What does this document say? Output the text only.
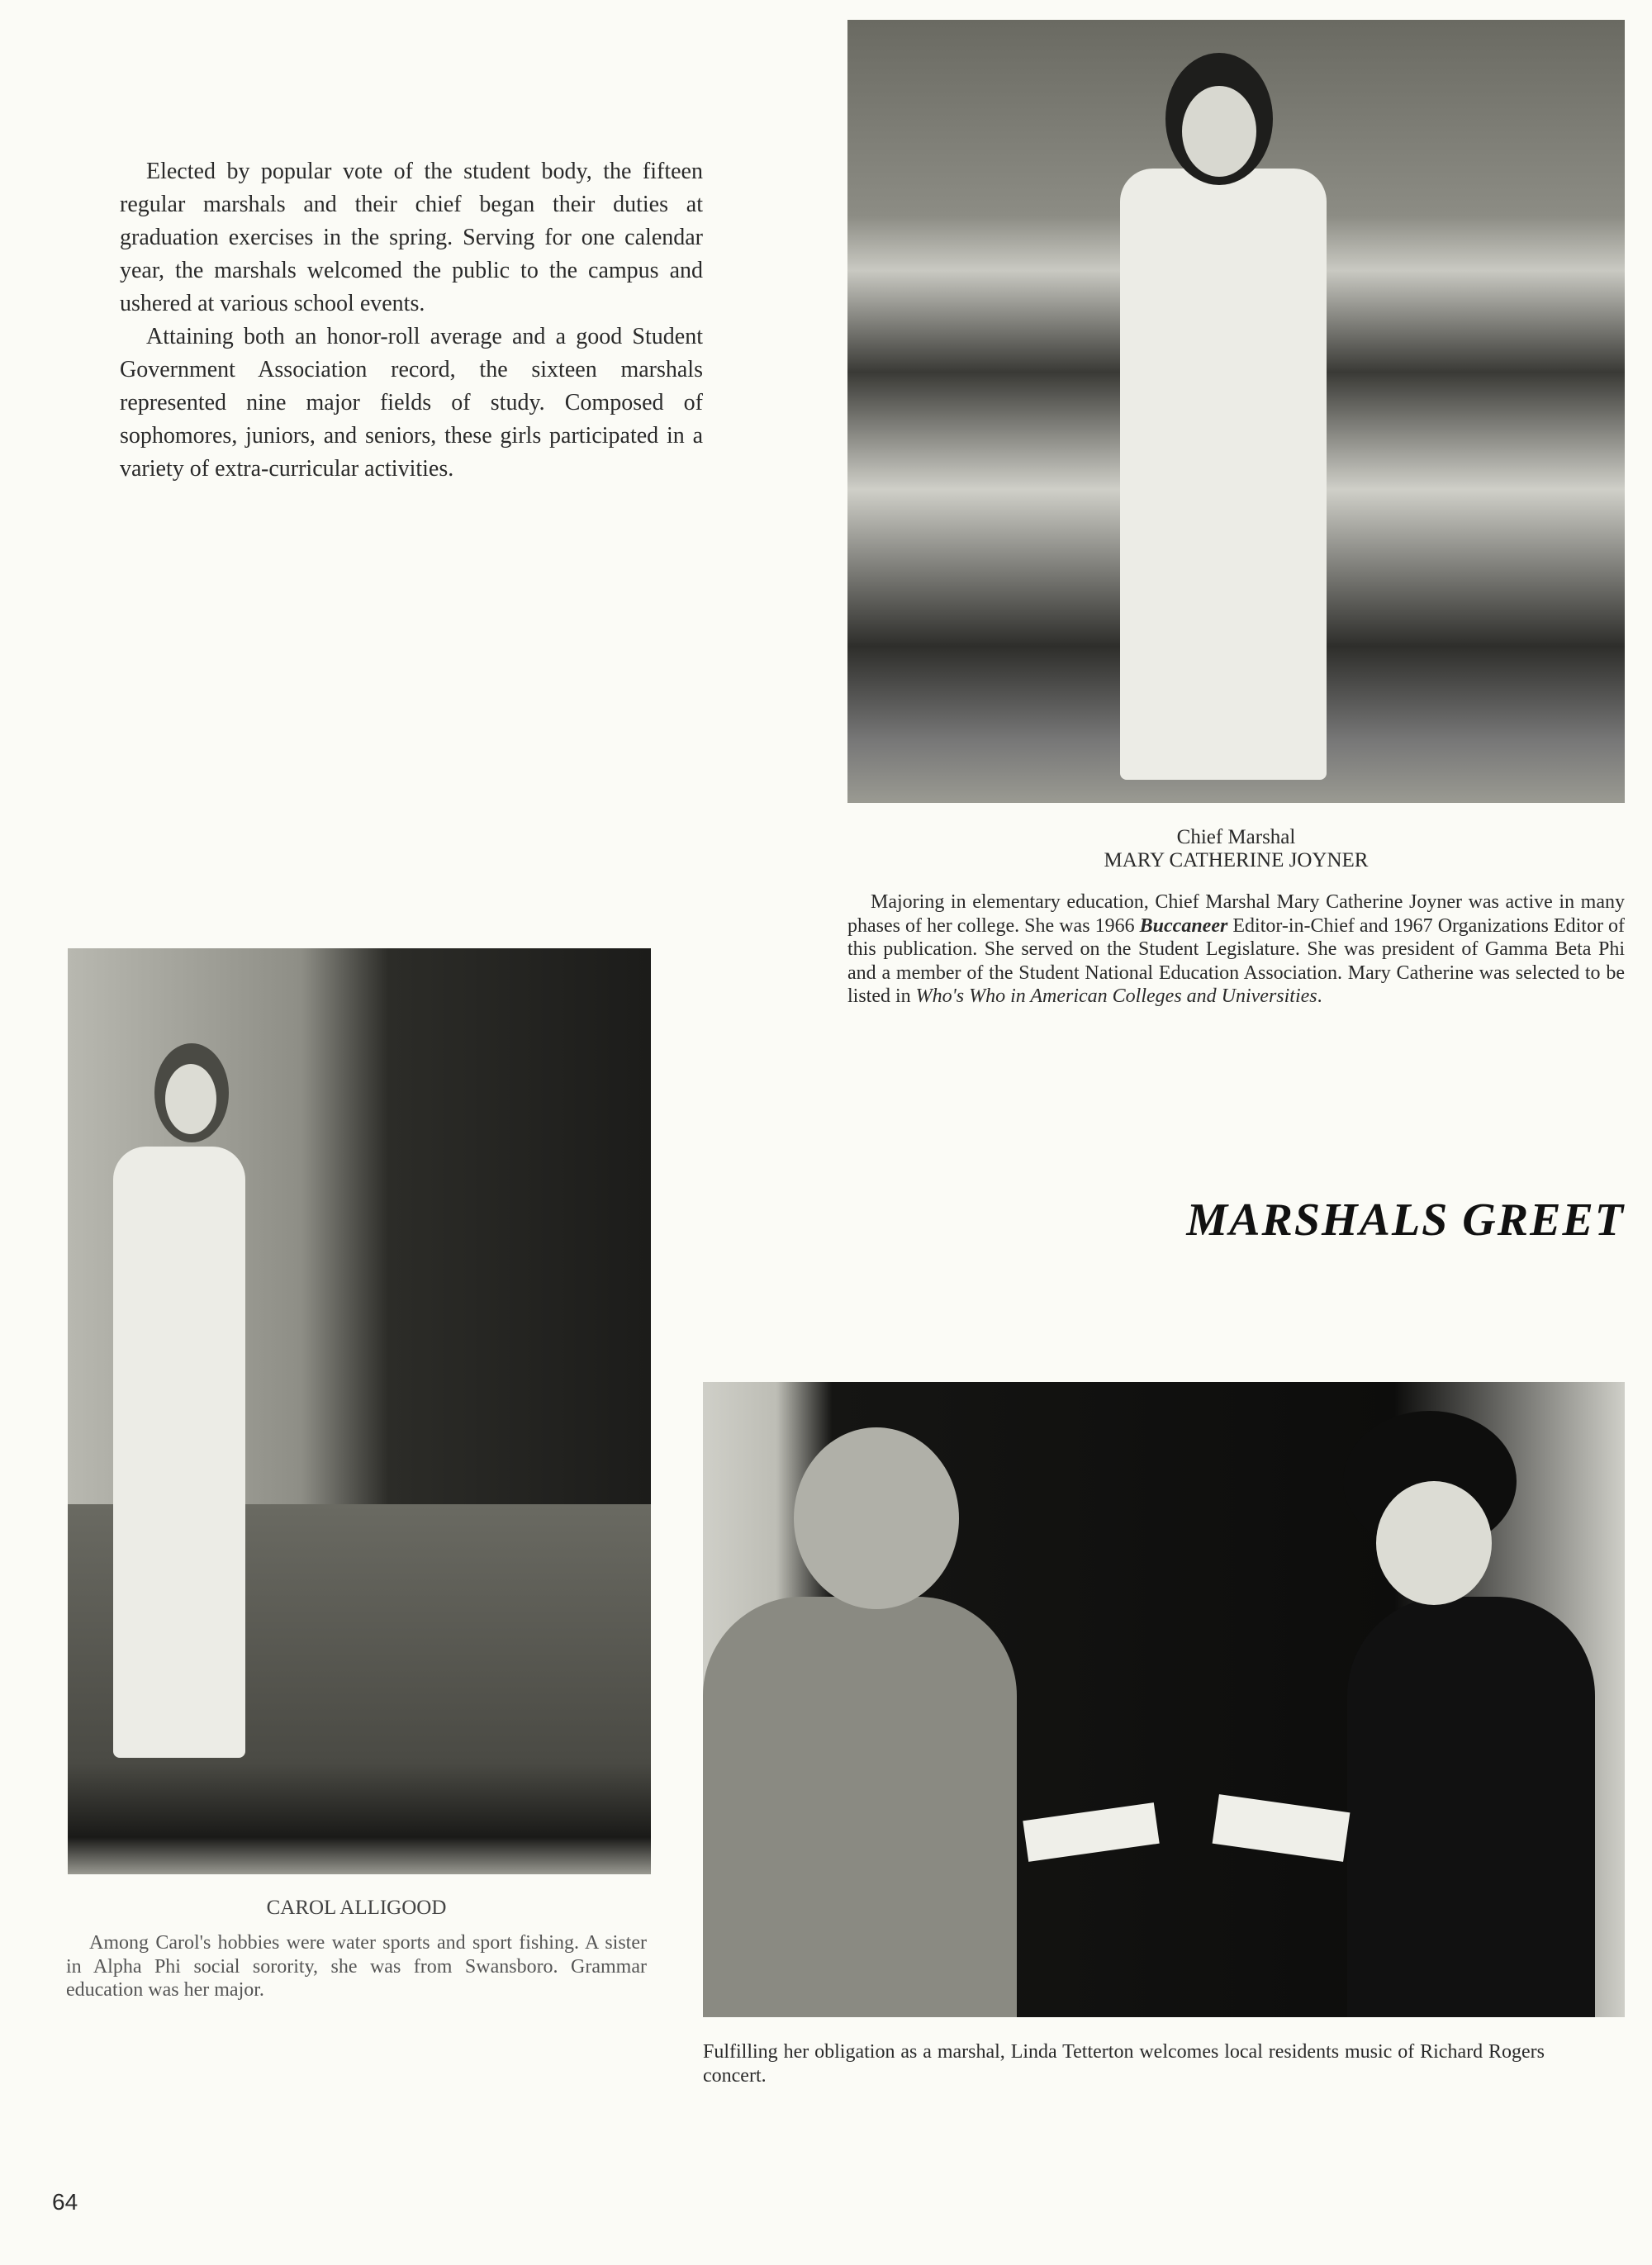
Elected by popular vote of the student body, the fifteen regular marshals and their chief began their duties at graduation exercises in the spring. Serving for one calendar year, the marshals welcomed the public to the campus and ushered at various school events.

Attaining both an honor-roll average and a good Student Government Association record, the sixteen marshals represented nine major fields of study. Composed of sophomores, juniors, and seniors, these girls participated in a variety of extra-curricular activities.

Chief Marshal
MARY CATHERINE JOYNER
Majoring in elementary education, Chief Marshal Mary Catherine Joyner was active in many phases of her college. She was 1966 Buccaneer Editor-in-Chief and 1967 Organizations Editor of this publication. She served on the Student Legislature. She was president of Gamma Beta Phi and a member of the Student National Education Association. Mary Catherine was selected to be listed in Who's Who in American Colleges and Universities.
MARSHALS GREET
CAROL ALLIGOOD
Among Carol's hobbies were water sports and sport fishing. A sister in Alpha Phi social sorority, she was from Swansboro. Grammar education was her major.
Fulfilling her obligation as a marshal, Linda Tetterton welcomes local residents music of Richard Rogers concert.
64
